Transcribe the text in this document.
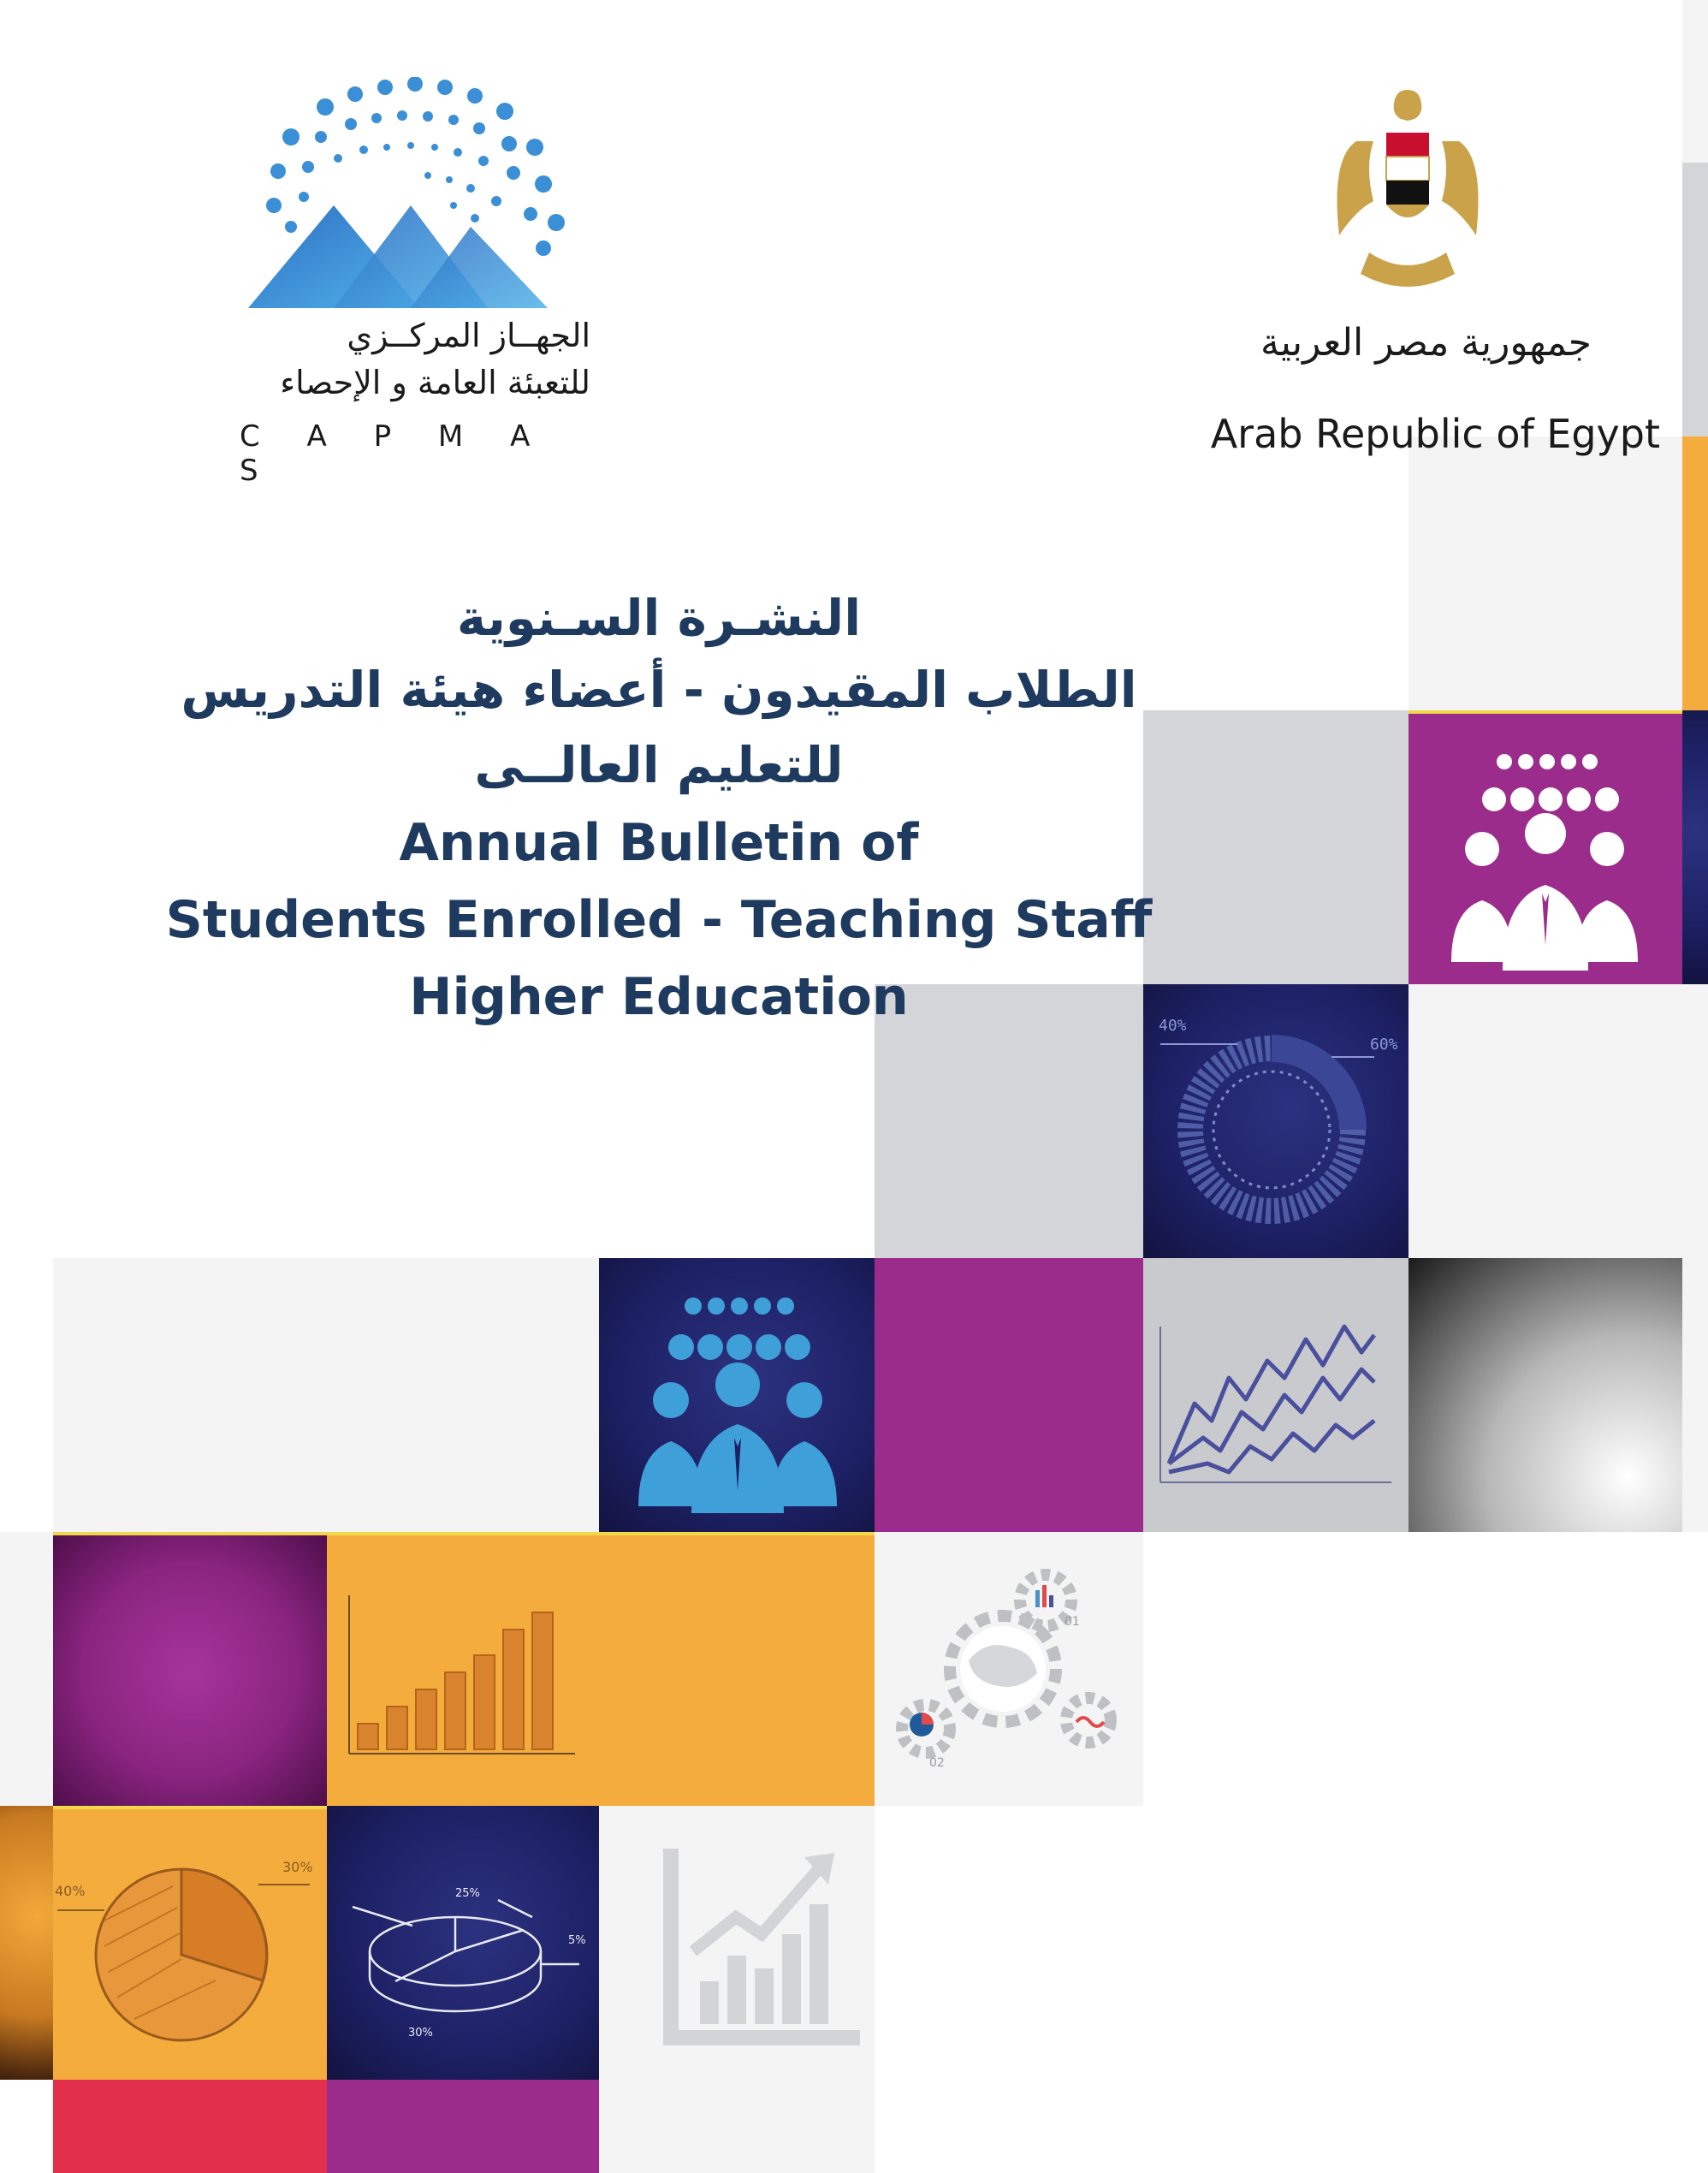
40%
60%
01
02
40%
30%
25%
5%
30%
الجهــاز المركــزي
للتعبئة العامة و الإحصاء
C A P M A S
جمهورية مصر العربية
Arab Republic of Egypt
النشـرة السـنوية
الطلاب المقيدون - أعضاء هيئة التدريس
للتعليم العالــى
Annual Bulletin of
Students Enrolled - Teaching Staff
Higher Education
